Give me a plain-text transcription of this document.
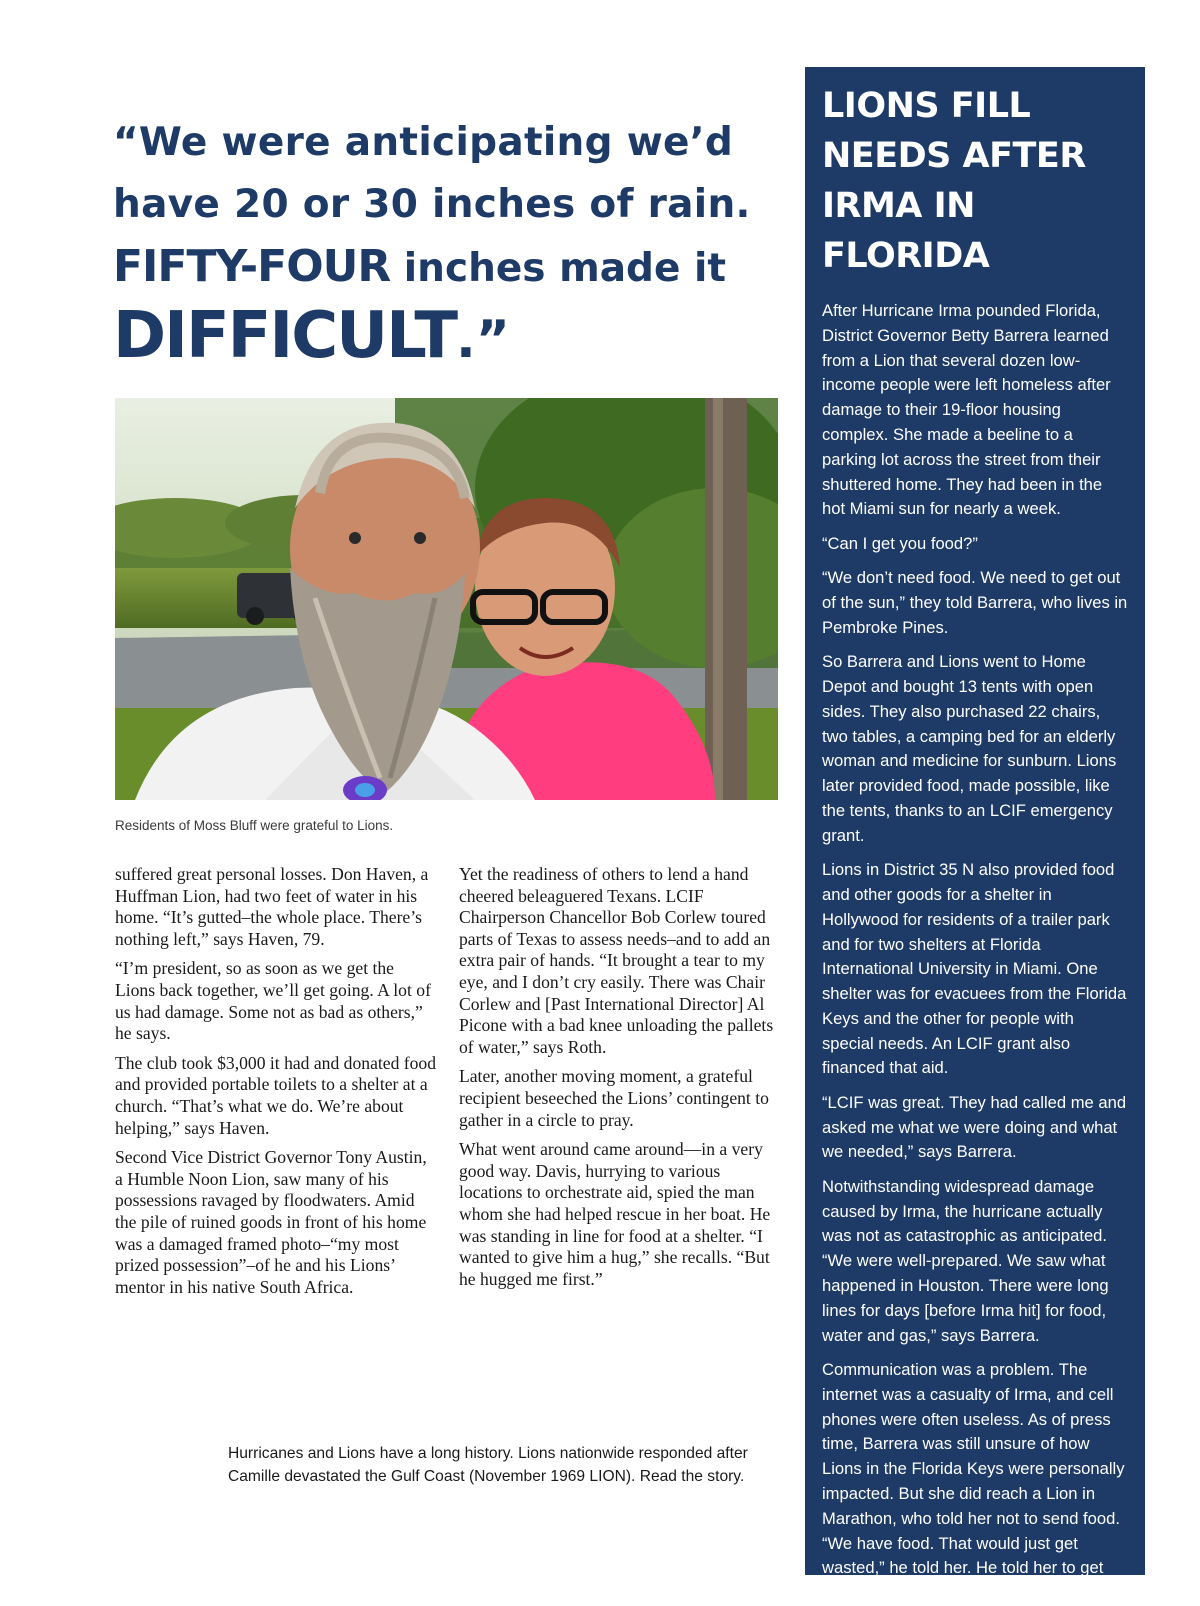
“We were anticipating we’d
have 20 or 30 inches of rain.
FIFTY-FOUR inches made it
DIFFICULT.”
Residents of Moss Bluff were grateful to Lions.

suffered great personal losses. Don Haven, a Huffman Lion, had two feet of water in his home. “It’s gutted–the whole place. There’s nothing left,” says Haven, 79.

“I’m president, so as soon as we get the Lions back together, we’ll get going. A lot of us had damage. Some not as bad as others,” he says.

The club took $3,000 it had and donated food and provided portable toilets to a shelter at a church. “That’s what we do. We’re about helping,” says Haven.

Second Vice District Governor Tony Austin, a Humble Noon Lion, saw many of his possessions ravaged by floodwaters. Amid the pile of ruined goods in front of his home was a damaged framed photo–“my most prized possession”–of he and his Lions’ mentor in his native South Africa.

Yet the readiness of others to lend a hand cheered beleaguered Texans. LCIF Chairperson Chancellor Bob Corlew toured parts of Texas to assess needs–and to add an extra pair of hands. “It brought a tear to my eye, and I don’t cry easily. There was Chair Corlew and [Past International Director] Al Picone with a bad knee unloading the pallets of water,” says Roth.

Later, another moving moment, a grateful recipient beseeched the Lions’ contingent to gather in a circle to pray.

What went around came around—in a very good way. Davis, hurrying to various locations to orchestrate aid, spied the man whom she had helped rescue in her boat. He was standing in line for food at a shelter. “I wanted to give him a hug,” she recalls. “But he hugged me first.”

Hurricanes and Lions have a long history. Lions nationwide responded after Camille devastated the Gulf Coast (November 1969 LION). Read the story.
LIONS FILL
NEEDS AFTER
IRMA IN FLORIDA

After Hurricane Irma pounded Florida, District Governor Betty Barrera learned from a Lion that several dozen low-income people were left homeless after damage to their 19-floor housing complex. She made a beeline to a parking lot across the street from their shuttered home. They had been in the hot Miami sun for nearly a week.

“Can I get you food?”

“We don’t need food. We need to get out of the sun,” they told Barrera, who lives in Pembroke Pines.

So Barrera and Lions went to Home Depot and bought 13 tents with open sides. They also purchased 22 chairs, two tables, a camping bed for an elderly woman and medicine for sunburn. Lions later provided food, made possible, like the tents, thanks to an LCIF emergency grant.

Lions in District 35 N also provided food and other goods for a shelter in Hollywood for residents of a trailer park and for two shelters at Florida International University in Miami. One shelter was for evacuees from the Florida Keys and the other for people with special needs. An LCIF grant also financed that aid.

“LCIF was great. They had called me and asked me what we were doing and what we needed,” says Barrera.

Notwithstanding widespread damage caused by Irma, the hurricane actually was not as catastrophic as anticipated. “We were well-prepared. We saw what happened in Houston. There were long lines for days [before Irma hit] for food, water and gas,” says Barrera.

Communication was a problem. The internet was a casualty of Irma, and cell phones were often useless. As of press time, Barrera was still unsure of how Lions in the Florida Keys were personally impacted. But she did reach a Lion in Marathon, who told her not to send food. “We have food. That would just get wasted,” he told her. He told her to get back to him in a couple weeks.
